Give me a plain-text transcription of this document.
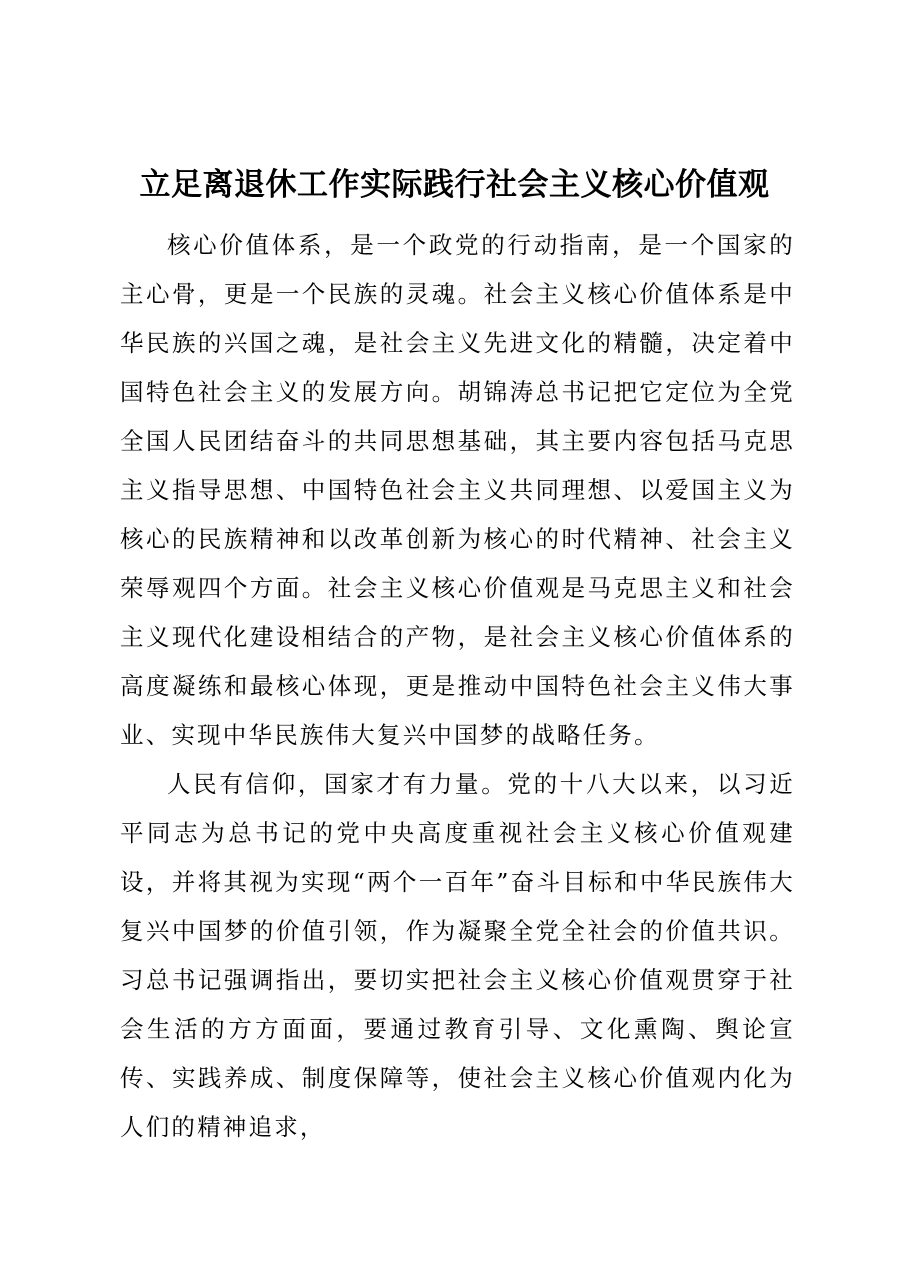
立足离退休工作实际践行社会主义核心价值观

核心价值体系，是一个政党的行动指南，是一个国家的主心骨，更是一个民族的灵魂。社会主义核心价值体系是中华民族的兴国之魂，是社会主义先进文化的精髓，决定着中国特色社会主义的发展方向。胡锦涛总书记把它定位为全党全国人民团结奋斗的共同思想基础，其主要内容包括马克思主义指导思想、中国特色社会主义共同理想、以爱国主义为核心的民族精神和以改革创新为核心的时代精神、社会主义荣辱观四个方面。社会主义核心价值观是马克思主义和社会主义现代化建设相结合的产物，是社会主义核心价值体系的高度凝练和最核心体现，更是推动中国特色社会主义伟大事业、实现中华民族伟大复兴中国梦的战略任务。

人民有信仰，国家才有力量。党的十八大以来，以习近平同志为总书记的党中央高度重视社会主义核心价值观建设，并将其视为实现“两个一百年”奋斗目标和中华民族伟大复兴中国梦的价值引领，作为凝聚全党全社会的价值共识。习总书记强调指出，要切实把社会主义核心价值观贯穿于社会生活的方方面面，要通过教育引导、文化熏陶、舆论宣传、实践养成、制度保障等，使社会主义核心价值观内化为人们的精神追求，
